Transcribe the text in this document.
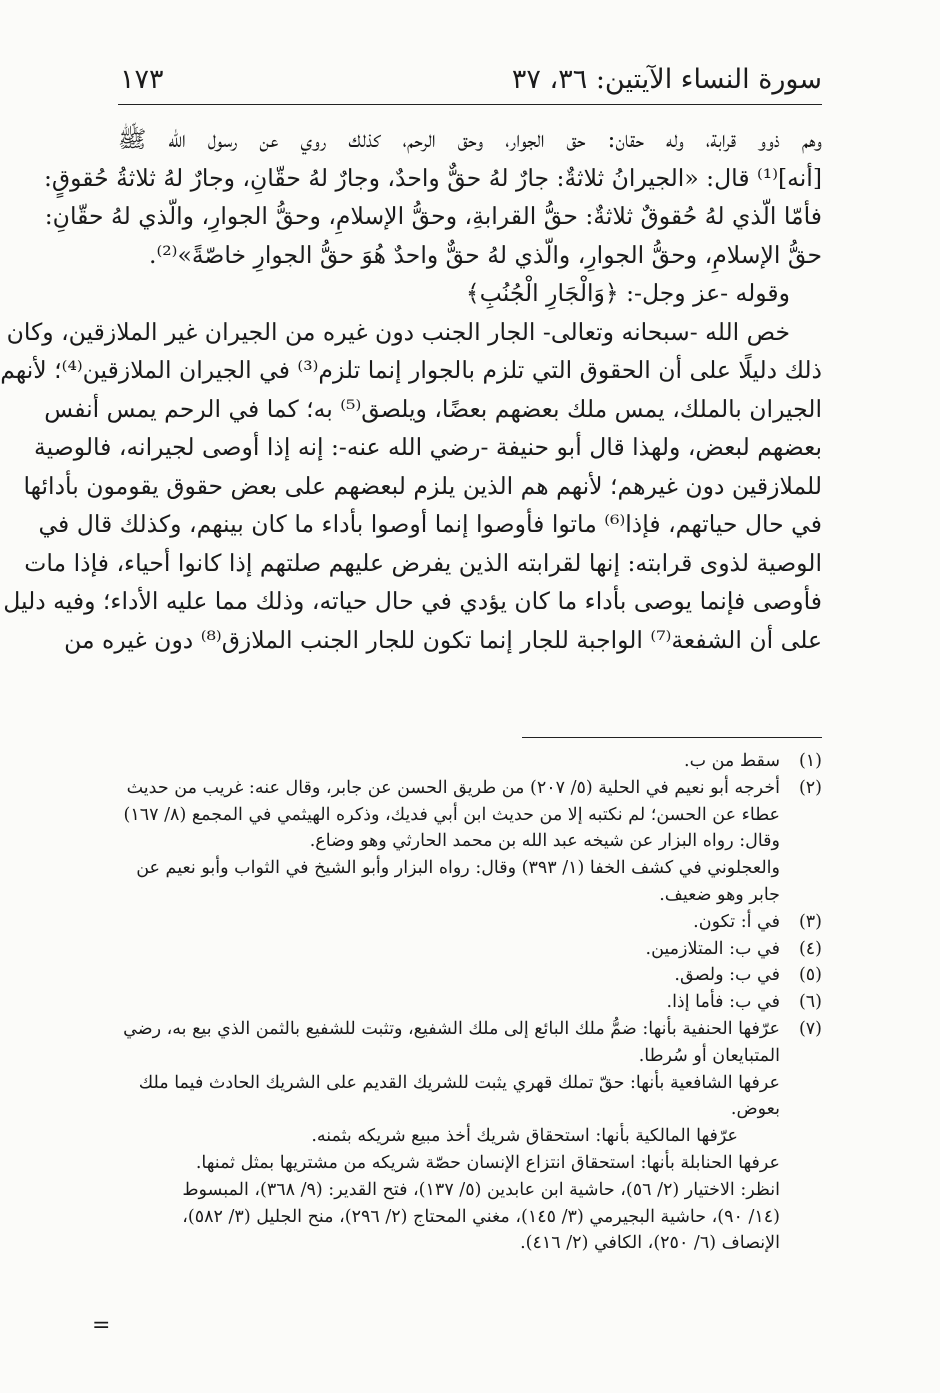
سورة النساء الآيتين: ٣٦، ٣٧
١٧٣
وهم ذوو قرابة، وله حقان: حق الجوار، وحق الرحم، كذلك روي عن رسول الله ﷺ
[أنه]⁽¹⁾ قال: «الجيرانُ ثلاثةٌ: جارٌ لهُ حقٌّ واحدٌ، وجارٌ لهُ حقّانِ، وجارٌ لهُ ثلاثةُ حُقوقٍ:
فأمّا الّذي لهُ حُقوقٌ ثلاثةٌ: حقُّ القرابةِ، وحقُّ الإسلامِ، وحقُّ الجوارِ، والّذي لهُ حقّانِ:
حقُّ الإسلامِ، وحقُّ الجوارِ، والّذي لهُ حقٌّ واحدٌ هُوَ حقُّ الجوارِ خاصّةً»⁽²⁾.
وقوله -عز وجل-: ﴿وَالْجَارِ الْجُنُبِ﴾
خص الله -سبحانه وتعالى- الجار الجنب دون غيره من الجيران غير الملازقين، وكان
ذلك دليلًا على أن الحقوق التي تلزم بالجوار إنما تلزم⁽³⁾ في الجيران الملازقين⁽⁴⁾؛ لأنهم
الجيران بالملك، يمس ملك بعضهم بعضًا، ويلصق⁽⁵⁾ به؛ كما في الرحم يمس أنفس
بعضهم لبعض، ولهذا قال أبو حنيفة -رضي الله عنه-: إنه إذا أوصى لجيرانه، فالوصية
للملازقين دون غيرهم؛ لأنهم هم الذين يلزم لبعضهم على بعض حقوق يقومون بأدائها
في حال حياتهم، فإذا⁽⁶⁾ ماتوا فأوصوا إنما أوصوا بأداء ما كان بينهم، وكذلك قال في
الوصية لذوى قرابته: إنها لقرابته الذين يفرض عليهم صلتهم إذا كانوا أحياء، فإذا مات
فأوصى فإنما يوصى بأداء ما كان يؤدي في حال حياته، وذلك مما عليه الأداء؛ وفيه دليل
على أن الشفعة⁽⁷⁾ الواجبة للجار إنما تكون للجار الجنب الملازق⁽⁸⁾ دون غيره من
(١)
سقط من ب.
(٢)
أخرجه أبو نعيم في الحلية (٥/ ٢٠٧) من طريق الحسن عن جابر، وقال عنه: غريب من حديث
عطاء عن الحسن؛ لم نكتبه إلا من حديث ابن أبي فديك، وذكره الهيثمي في المجمع (٨/ ١٦٧)
وقال: رواه البزار عن شيخه عبد الله بن محمد الحارثي وهو وضاع.
والعجلوني في كشف الخفا (١/ ٣٩٣) وقال: رواه البزار وأبو الشيخ في الثواب وأبو نعيم عن
جابر وهو ضعيف.
(٣)
في أ: تكون.
(٤)
في ب: المتلازمين.
(٥)
في ب: ولصق.
(٦)
في ب: فأما إذا.
(٧)
عرّفها الحنفية بأنها: ضمُّ ملك البائع إلى ملك الشفيع، وتثبت للشفيع بالثمن الذي بيع به، رضي
المتبايعان أو سُرطا.
عرفها الشافعية بأنها: حقّ تملك قهري يثبت للشريك القديم على الشريك الحادث فيما ملك
بعوض.
عرّفها المالكية بأنها: استحقاق شريك أخذ مبيع شريكه بثمنه.
عرفها الحنابلة بأنها: استحقاق انتزاع الإنسان حصّة شريكه من مشتريها بمثل ثمنها.
انظر: الاختيار (٢/ ٥٦)، حاشية ابن عابدين (٥/ ١٣٧)، فتح القدير: (٩/ ٣٦٨)، المبسوط
(١٤/ ٩٠)، حاشية البجيرمي (٣/ ١٤٥)، مغني المحتاج (٢/ ٢٩٦)، منح الجليل (٣/ ٥٨٢)،
الإنصاف (٦/ ٢٥٠)، الكافي (٢/ ٤١٦).
=
